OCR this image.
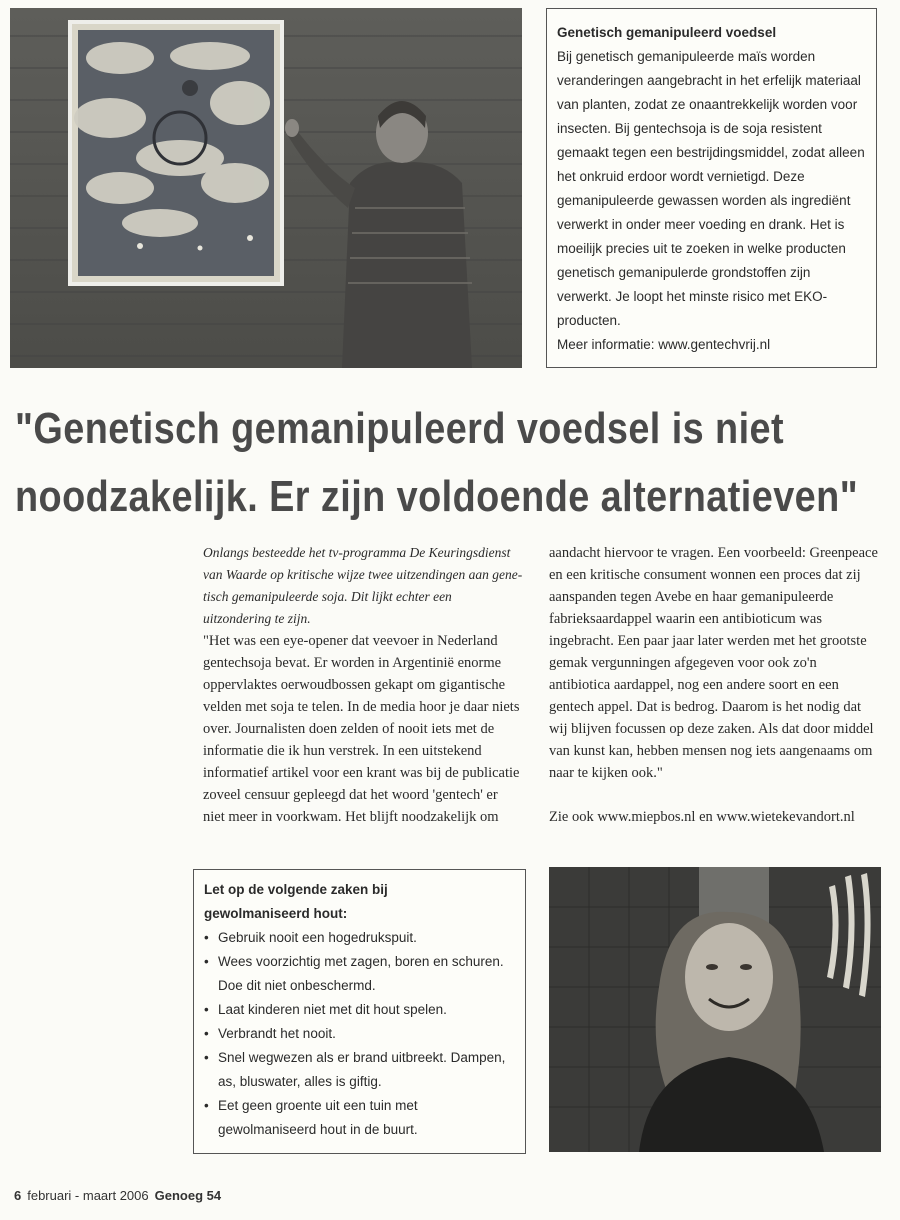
Genetisch gemanipuleerd voedsel

Bij genetisch gemanipuleerde maïs worden veranderingen aangebracht in het erfelijk materiaal van planten, zodat ze onaantrekkelijk worden voor insecten. Bij gentechsoja is de soja resistent gemaakt tegen een bestrijdingsmiddel, zodat alleen het onkruid erdoor wordt vernietigd. Deze gemanipuleerde gewassen worden als ingrediënt verwerkt in onder meer voeding en drank. Het is moeilijk precies uit te zoeken in welke producten genetisch gemanipulerde grondstoffen zijn verwerkt. Je loopt het minste risico met EKO-producten.

Meer informatie: www.gentechvrij.nl

"Genetisch gemanipuleerd voedsel is niet
noodzakelijk. Er zijn voldoende alternatieven"

Onlangs besteedde het tv-programma De Keuringsdienst van Waarde op kritische wijze twee uitzendingen aan genetisch gemanipuleerde soja. Dit lijkt echter een uitzondering te zijn.

"Het was een eye-opener dat veevoer in Nederland gentechsoja bevat. Er worden in Argentinië enorme oppervlaktes oerwoudbossen gekapt om gigantische velden met soja te telen. In de media hoor je daar niets over. Journalisten doen zelden of nooit iets met de informatie die ik hun verstrek. In een uitstekend informatief artikel voor een krant was bij de publicatie zoveel censuur gepleegd dat het woord 'gentech' er niet meer in voorkwam. Het blijft noodzakelijk om

aandacht hiervoor te vragen. Een voorbeeld: Greenpeace en een kritische consument wonnen een proces dat zij aanspanden tegen Avebe en haar gemanipuleerde fabrieksaardappel waarin een antibioticum was ingebracht. Een paar jaar later werden met het grootste gemak vergunningen afgegeven voor ook zo'n antibiotica aardappel, nog een andere soort en een gentech appel. Dat is bedrog. Daarom is het nodig dat wij blijven focussen op deze zaken. Als dat door middel van kunst kan, hebben mensen nog iets aangenaams om naar te kijken ook."

Zie ook www.miepbos.nl en www.wietekevandort.nl

Let op de volgende zaken bij
gewolmaniseerd hout:
• Gebruik nooit een hogedrukspuit.
• Wees voorzichtig met zagen, boren en schuren. Doe dit niet onbeschermd.
• Laat kinderen niet met dit hout spelen.
• Verbrandt het nooit.
• Snel wegwezen als er brand uitbreekt. Dampen, as, bluswater, alles is giftig.
• Eet geen groente uit een tuin met gewolmaniseerd hout in de buurt.
6 februari - maart 2006 Genoeg 54
